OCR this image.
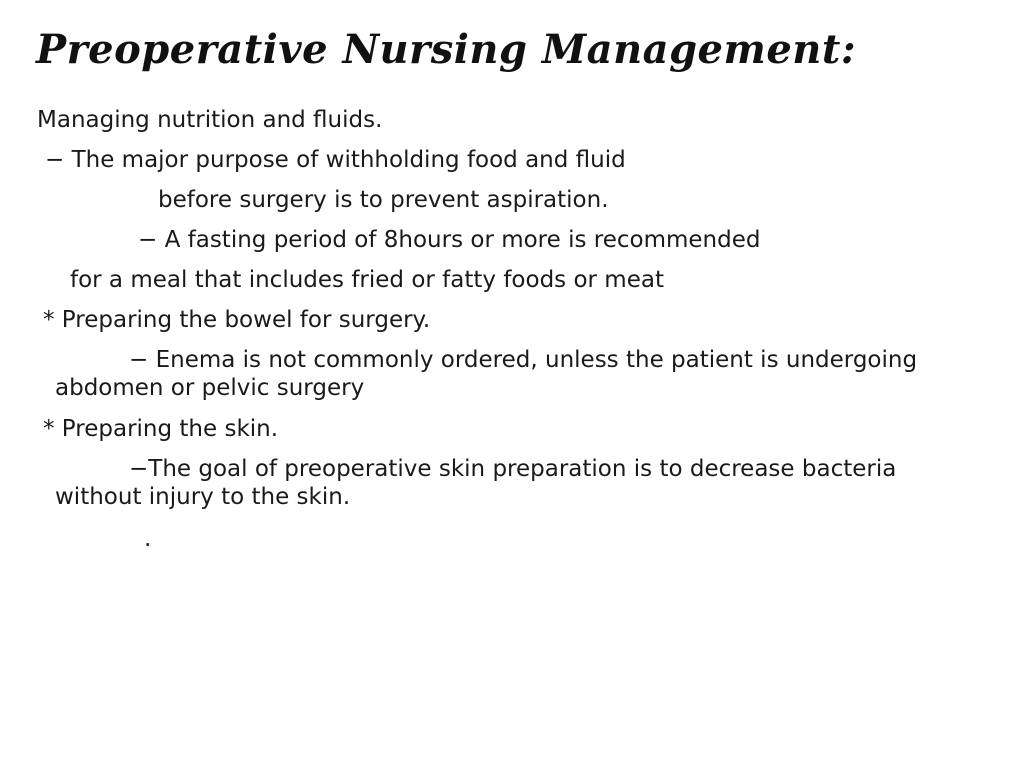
Preoperative Nursing Management:

Managing nutrition and fluids.

− The major purpose of withholding food and fluid

before surgery is to prevent aspiration.

− A fasting period of 8hours or more is recommended

for a meal that includes fried or fatty foods or meat

* Preparing the bowel for surgery.

− Enema is not commonly ordered, unless the patient is undergoing
abdomen or pelvic surgery

* Preparing the skin.

−The goal of preoperative skin preparation is to decrease bacteria
without injury to the skin.

.
